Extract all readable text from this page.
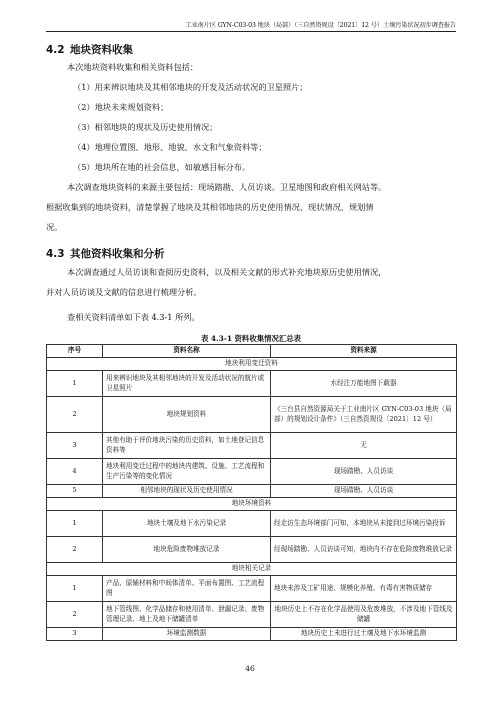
工业南片区 GYN-C03-03 地块（局部）（三自然资规设〔2021〕12 号）土壤污染状况初步调查报告
4.2 地块资料收集
本次地块资料收集和相关资料包括：
（1）用来辨识地块及其相邻地块的开发及活动状况的卫星照片；
（2）地块未来规划资料；
（3）相邻地块的现状及历史使用情况；
（4）地理位置图、地形、地貌、水文和气象资料等；
（5）地块所在地的社会信息，如敏感目标分布。
本次调查地块资料的来源主要包括：现场踏勘、人员访谈。卫星地图和政府相关网站等。
根据收集到的地块资料，清楚掌握了地块及其相邻地块的历史使用情况、现状情况、规划情
况。
4.3 其他资料收集和分析
本次调查通过人员访谈和查阅历史资料，以及相关文献的形式补充地块原历史使用情况，
并对人员访谈及文献的信息进行梳理分析。
查相关资料清单如下表 4.3-1 所列。
表 4.3-1 资料收集情况汇总表
序号	资料名称	资料来源
地块利用变迁资料		
1	用来辨识地块及其相邻地块的开发及活动状况的航片或卫星照片	水经注万能地图下载器
2	地块规划资料	《三台县自然资源局关于工业南片区 GYN-C03-03 地块（局部）的规划设计条件》（三自然资规设〔2021〕12 号）
3	其他有助于评价地块污染的历史资料，如土地登记信息资料等	无
4	地块利用变迁过程中的地块内建筑、设施、工艺流程和生产污染等的变化情况	现场踏勘、人员访谈
5	相邻地块的现状及历史使用情况	现场踏勘、人员访谈
地块环境资料		
1	地块土壤及地下水污染记录	经走访生态环境部门可知，本地块从未接到过环境污染投诉
2	地块危险废物堆放记录	经现场踏勘、人员访谈可知，地块内不存在危险废物堆放记录
地块相关记录		
1	产品、原辅材料和中间体清单、平面布置图、工艺流程图	地块未涉及工矿用途、规模化养殖、有毒有害物质储存
2	地下管线图、化学品储存和使用清单、泄漏记录、废物管理记录、地上及地下储罐清单	地块历史上不存在化学品使用及危废堆放，不涉及地下管线及储罐
3	环境监测数据	地块历史上未进行过土壤及地下水环境监测
46
